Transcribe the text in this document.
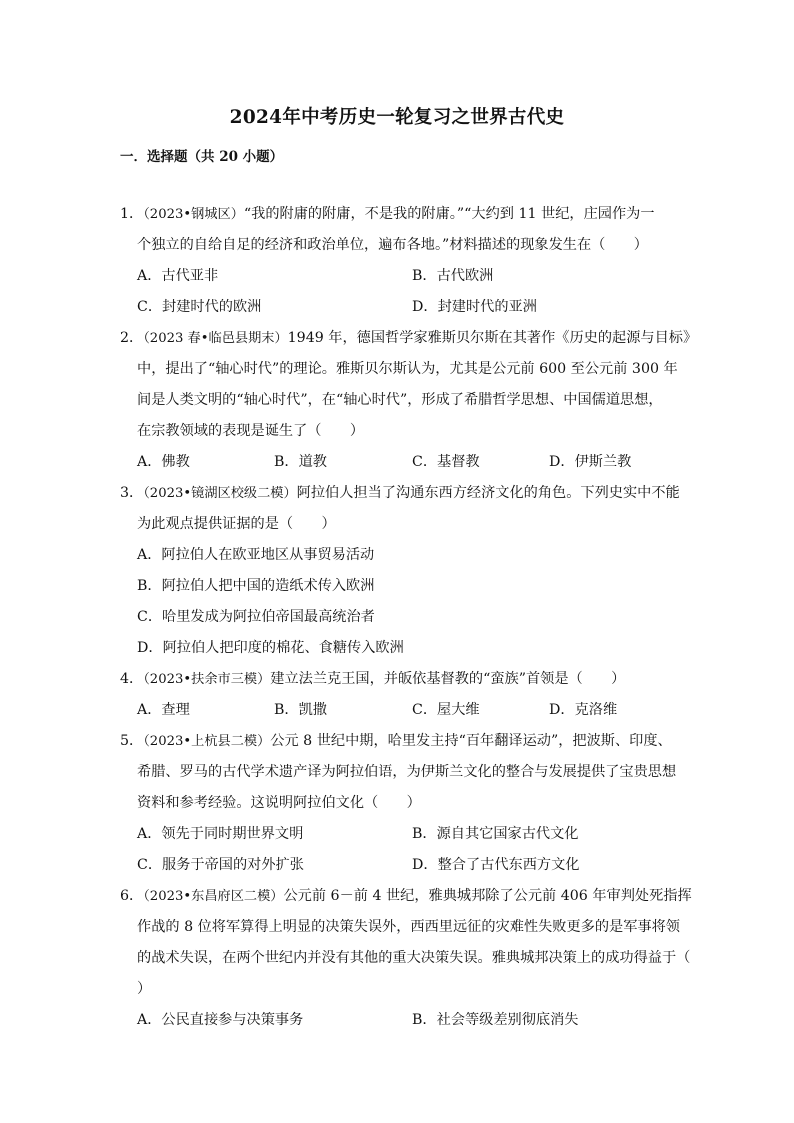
2024年中考历史一轮复习之世界古代史
一．选择题（共 20 小题）
1．（2023•钢城区）“我的附庸的附庸，不是我的附庸。”“大约到 11 世纪，庄园作为一
个独立的自给自足的经济和政治单位，遍布各地。”材料描述的现象发生在（　　）
A．古代亚非	B．古代欧洲
C．封建时代的欧洲	D．封建时代的亚洲
2．（2023 春•临邑县期末）1949 年，德国哲学家雅斯贝尔斯在其著作《历史的起源与目标》
中，提出了“轴心时代”的理论。雅斯贝尔斯认为，尤其是公元前 600 至公元前 300 年
间是人类文明的“轴心时代”，在“轴心时代”，形成了希腊哲学思想、中国儒道思想，
在宗教领域的表现是诞生了（　　）
A．佛教	B．道教	C．基督教	D．伊斯兰教
3．（2023•镜湖区校级二模）阿拉伯人担当了沟通东西方经济文化的角色。下列史实中不能
为此观点提供证据的是（　　）
A．阿拉伯人在欧亚地区从事贸易活动
B．阿拉伯人把中国的造纸术传入欧洲
C．哈里发成为阿拉伯帝国最高统治者
D．阿拉伯人把印度的棉花、食糖传入欧洲
4．（2023•扶余市三模）建立法兰克王国，并皈依基督教的“蛮族”首领是（　　）
A．查理	B．凯撒	C．屋大维	D．克洛维
5．（2023•上杭县二模）公元 8 世纪中期，哈里发主持“百年翻译运动”，把波斯、印度、
希腊、罗马的古代学术遗产译为阿拉伯语，为伊斯兰文化的整合与发展提供了宝贵思想
资料和参考经验。这说明阿拉伯文化（　　）
A．领先于同时期世界文明	B．源自其它国家古代文化
C．服务于帝国的对外扩张	D．整合了古代东西方文化
6．（2023•东昌府区二模）公元前 6－前 4 世纪，雅典城邦除了公元前 406 年审判处死指挥
作战的 8 位将军算得上明显的决策失误外，西西里远征的灾难性失败更多的是军事将领
的战术失误，在两个世纪内并没有其他的重大决策失误。雅典城邦决策上的成功得益于（
）
A．公民直接参与决策事务	B．社会等级差别彻底消失
